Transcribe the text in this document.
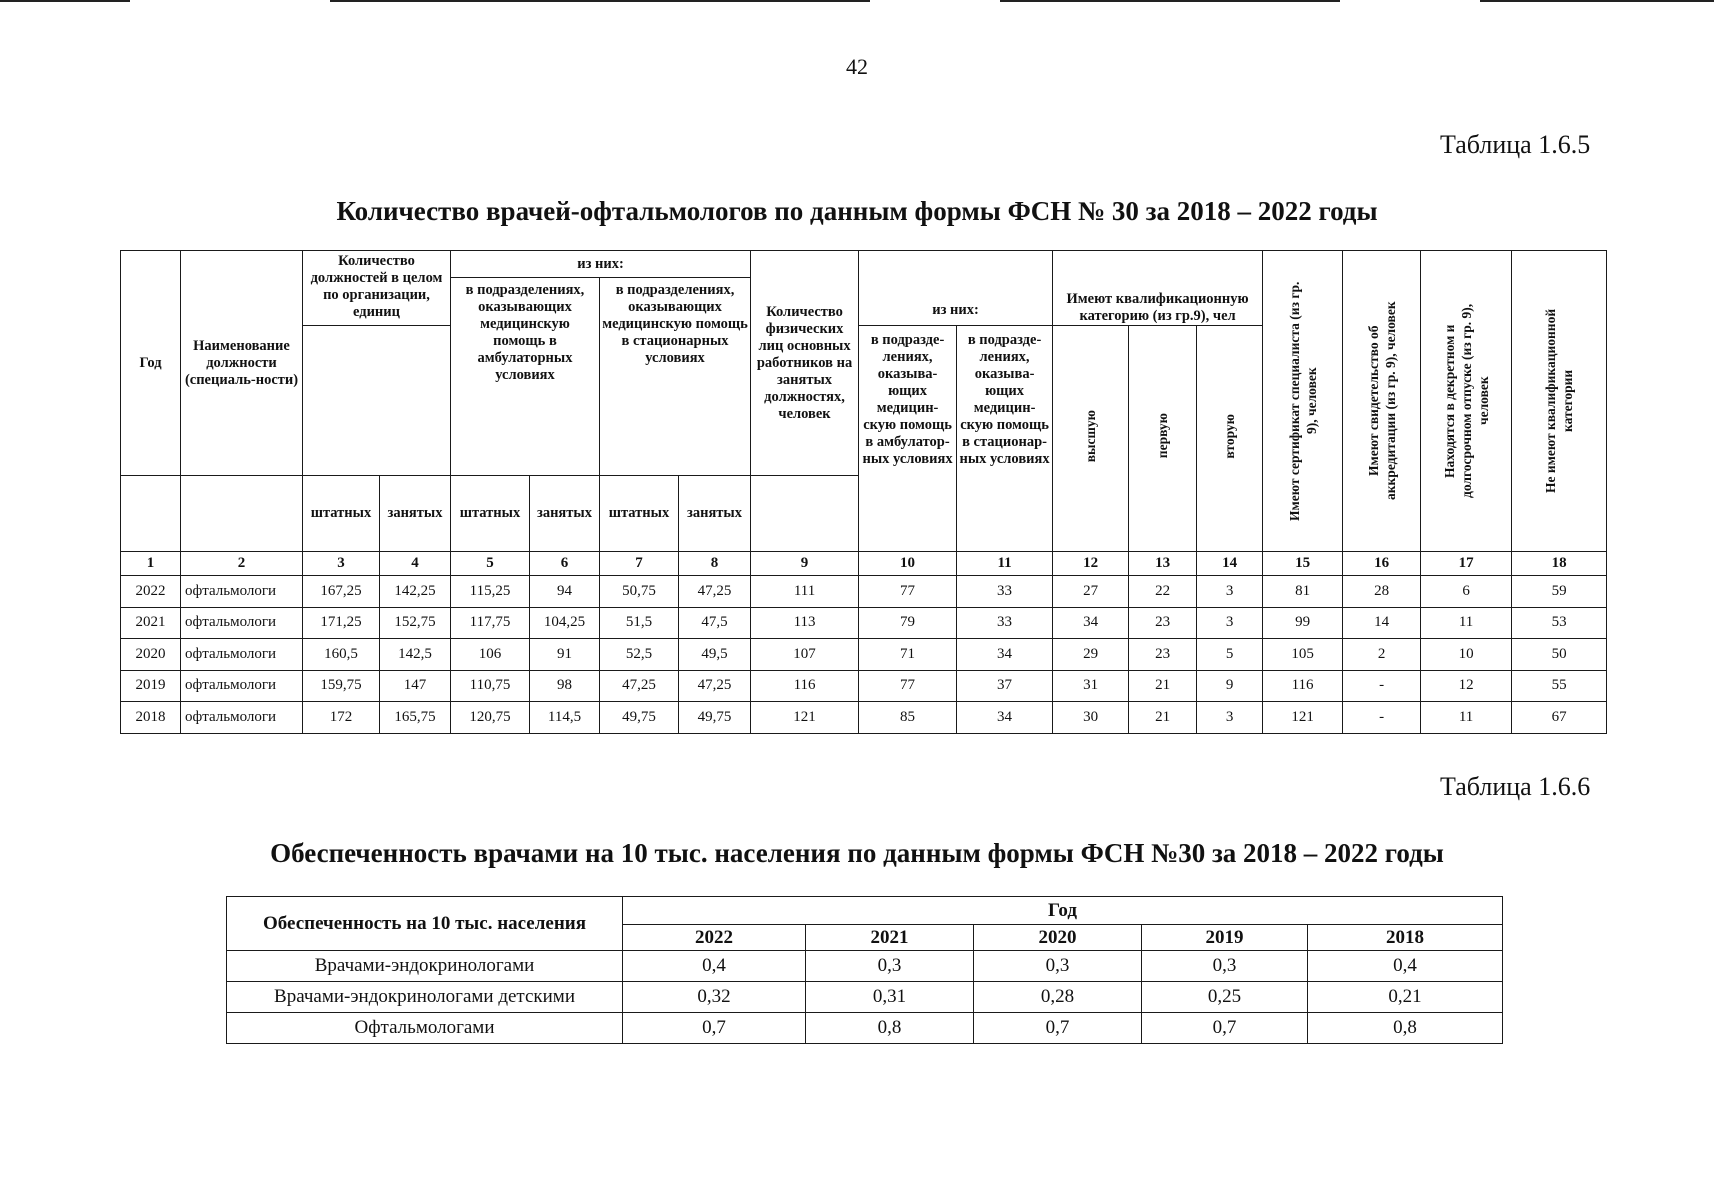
42
Таблица 1.6.5
Количество врачей-офтальмологов по данным формы ФСН № 30 за 2018 – 2022 годы
Год	Наименование должности (специаль-ности)	Количество должностей в целом по организации, единиц		из них:				Количество физических лиц основных работников на занятых должностях, человек	из них:		Имеют квалификационную категорию (из гр.9), чел			Имеют сертификат специалиста (из гр. 9), человек	Имеют свидетельство об аккредитации (из гр. 9), человек	Находятся в декретном и долгосрочном отпуске (из гр. 9), человек	Не имеют квалификационной категории

				в подразделениях, оказывающих медицинскую помощь в амбулаторных условиях		в подразделениях, оказывающих медицинскую помощь в стационарных условиях											
									в подразде-лениях, оказыва-ющих медицин-скую помощь в амбулатор-ных условиях	в подразде-лениях, оказыва-ющих медицин-скую помощь в стационар-ных условиях	высшую	первую	вторую				
		штатных	занятых	штатных	занятых	штатных	занятых										
1	2	3	4	5	6	7	8	9	10	11	12	13	14	15	16	17	18
2022	офтальмологи	167,25	142,25	115,25	94	50,75	47,25	111	77	33	27	22	3	81	28	6	59
2021	офтальмологи	171,25	152,75	117,75	104,25	51,5	47,5	113	79	33	34	23	3	99	14	11	53
2020	офтальмологи	160,5	142,5	106	91	52,5	49,5	107	71	34	29	23	5	105	2	10	50
2019	офтальмологи	159,75	147	110,75	98	47,25	47,25	116	77	37	31	21	9	116	-	12	55
2018	офтальмологи	172	165,75	120,75	114,5	49,75	49,75	121	85	34	30	21	3	121	-	11	67
Таблица 1.6.6
Обеспеченность врачами на 10 тыс. населения по данным формы ФСН №30 за 2018 – 2022 годы
Обеспеченность на 10 тыс. населения	Год				
	2022	2021	2020	2019	2018
Врачами-эндокринологами	0,4	0,3	0,3	0,3	0,4
Врачами-эндокринологами детскими	0,32	0,31	0,28	0,25	0,21
Офтальмологами	0,7	0,8	0,7	0,7	0,8
